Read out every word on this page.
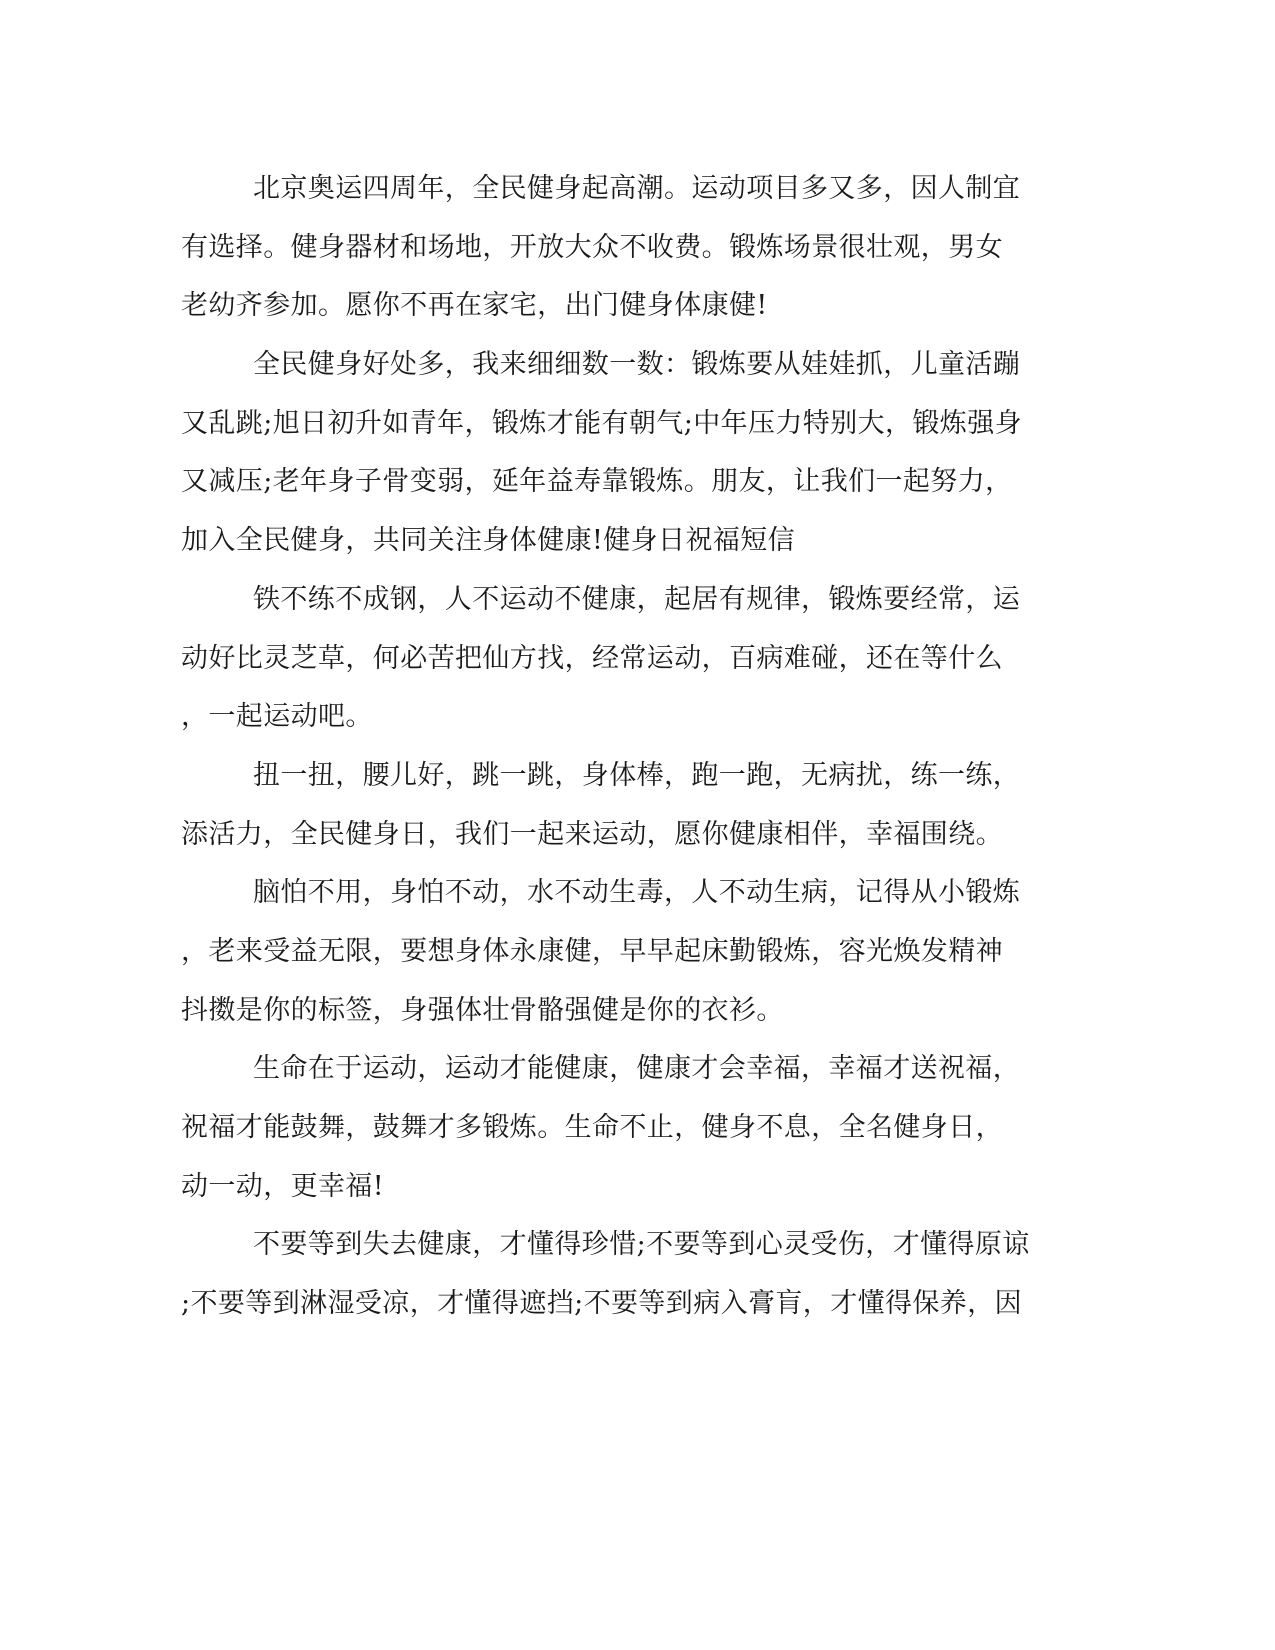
北京奥运四周年，全民健身起高潮。运动项目多又多，因人制宜
有选择。健身器材和场地，开放大众不收费。锻炼场景很壮观，男女
老幼齐参加。愿你不再在家宅，出门健身体康健!

全民健身好处多，我来细细数一数：锻炼要从娃娃抓，儿童活蹦
又乱跳;旭日初升如青年，锻炼才能有朝气;中年压力特别大，锻炼强身
又减压;老年身子骨变弱，延年益寿靠锻炼。朋友，让我们一起努力，
加入全民健身，共同关注身体健康!健身日祝福短信

铁不练不成钢，人不运动不健康，起居有规律，锻炼要经常，运
动好比灵芝草，何必苦把仙方找，经常运动，百病难碰，还在等什么
，一起运动吧。

扭一扭，腰儿好，跳一跳，身体棒，跑一跑，无病扰，练一练，
添活力，全民健身日，我们一起来运动，愿你健康相伴，幸福围绕。

脑怕不用，身怕不动，水不动生毒，人不动生病，记得从小锻炼
，老来受益无限，要想身体永康健，早早起床勤锻炼，容光焕发精神
抖擞是你的标签，身强体壮骨骼强健是你的衣衫。

生命在于运动，运动才能健康，健康才会幸福，幸福才送祝福，
祝福才能鼓舞，鼓舞才多锻炼。生命不止，健身不息，全名健身日，
动一动，更幸福!

不要等到失去健康，才懂得珍惜;不要等到心灵受伤，才懂得原谅
;不要等到淋湿受凉，才懂得遮挡;不要等到病入膏肓，才懂得保养，因
